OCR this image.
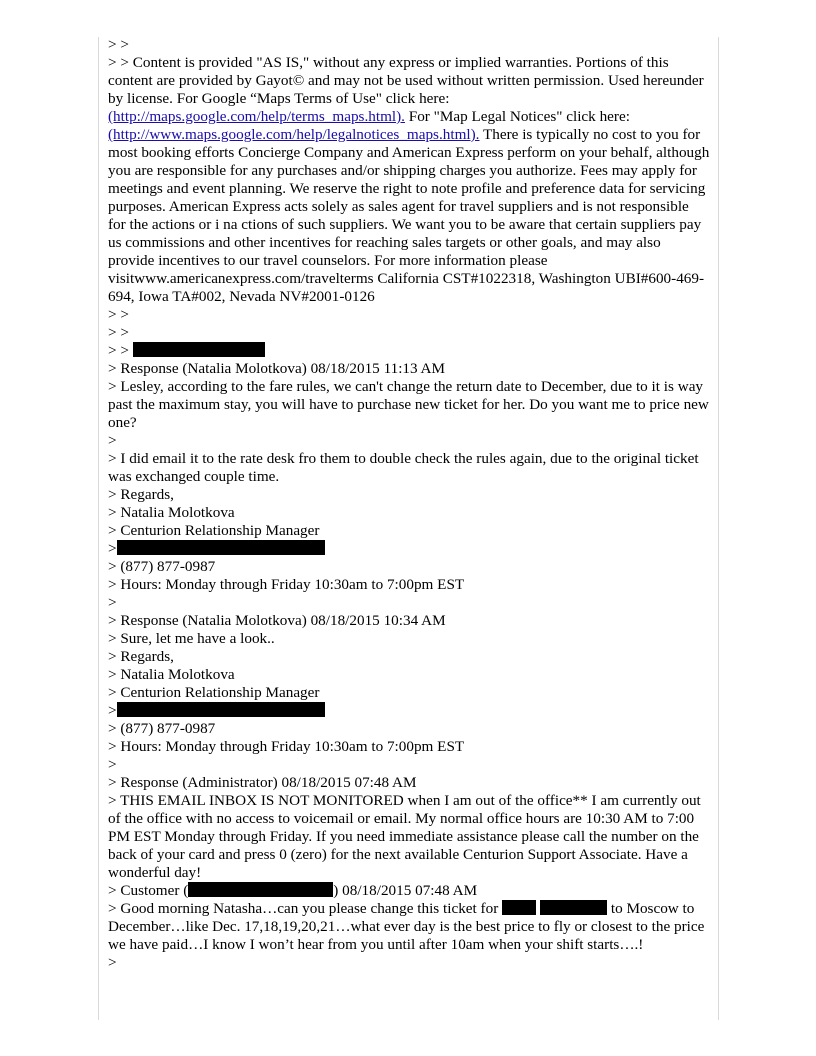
> >

> > Content is provided "AS IS," without any express or implied warranties. Portions of this content are provided by Gayot© and may not be used without written permission. Used hereunder by license. For Google “Maps Terms of Use" click here: (http://maps.google.com/help/terms_maps.html). For "Map Legal Notices" click here: (http://www.maps.google.com/help/legalnotices_maps.html). There is typically no cost to you for most booking efforts Concierge Company and American Express perform on your behalf, although you are responsible for any purchases and/or shipping charges you authorize. Fees may apply for meetings and event planning. We reserve the right to note profile and preference data for servicing purposes. American Express acts solely as sales agent for travel suppliers and is not responsible for the actions or i na ctions of such suppliers. We want you to be aware that certain suppliers pay us commissions and other incentives for reaching sales targets or other goals, and may also provide incentives to our travel counselors. For more information please visitwww.americanexpress.com/travelterms California CST#1022318, Washington UBI#600-469-694, Iowa TA#002, Nevada NV#2001-0126

> >

> >

> >

> Response (Natalia Molotkova) 08/18/2015 11:13 AM

> Lesley, according to the fare rules, we can't change the return date to December, due to it is way past the maximum stay, you will have to purchase new ticket for her. Do you want me to price new one?

>

> I did email it to the rate desk fro them to double check the rules again, due to the original ticket was exchanged couple time.

> Regards,

> Natalia Molotkova

> Centurion Relationship Manager

>

> (877) 877-0987

> Hours: Monday through Friday 10:30am to 7:00pm EST

>

> Response (Natalia Molotkova) 08/18/2015 10:34 AM

> Sure, let me have a look..

> Regards,

> Natalia Molotkova

> Centurion Relationship Manager

>

> (877) 877-0987

> Hours: Monday through Friday 10:30am to 7:00pm EST

>

> Response (Administrator) 08/18/2015 07:48 AM

> THIS EMAIL INBOX IS NOT MONITORED when I am out of the office** I am currently out of the office with no access to voicemail or email. My normal office hours are 10:30 AM to 7:00 PM EST Monday through Friday. If you need immediate assistance please call the number on the back of your card and press 0 (zero) for the next available Centurion Support Associate. Have a wonderful day!

> Customer (	) 08/18/2015 07:48 AM

> Good morning Natasha…can you please change this ticket for	to Moscow to December…like Dec. 17,18,19,20,21…what ever day is the best price to fly or closest to the price we have paid…I know I won’t hear from you until after 10am when your shift starts….!

>
